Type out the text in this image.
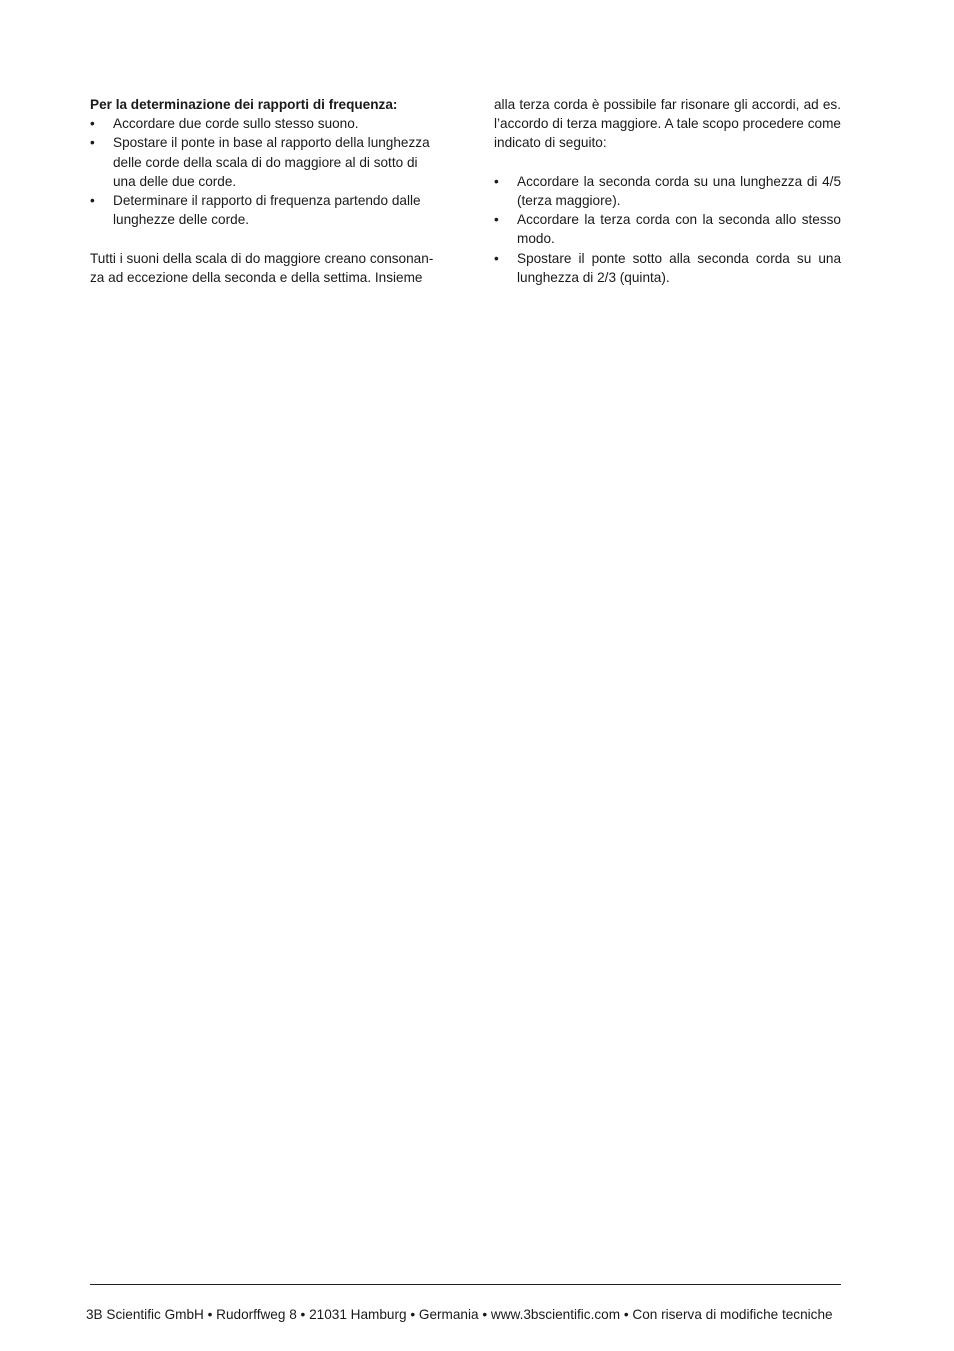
Per la determinazione dei rapporti di frequenza:

•	Accordare due corde sullo stesso suono.
•	Spostare il ponte in base al rapporto della lunghezza delle corde della scala di do maggiore al di sotto di una delle due corde.
•	Determinare il rapporto di frequenza partendo dalle lunghezze delle corde.

Tutti i suoni della scala di do maggiore creano consonan-
za ad eccezione della seconda e della settima. Insieme

alla terza corda è possibile far risonare gli accordi, ad es. l’accordo di terza maggiore. A tale scopo procedere come indicato di seguito:

•	Accordare la seconda corda su una lunghezza di 4/5 (terza maggiore).
•	Accordare la terza corda con la seconda allo stesso modo.
•	Spostare il ponte sotto alla seconda corda su una lunghezza di 2/3 (quinta).
3B Scientific GmbH • Rudorffweg 8 • 21031 Hamburg • Germania • www.3bscientific.com • Con riserva di modifiche tecniche
